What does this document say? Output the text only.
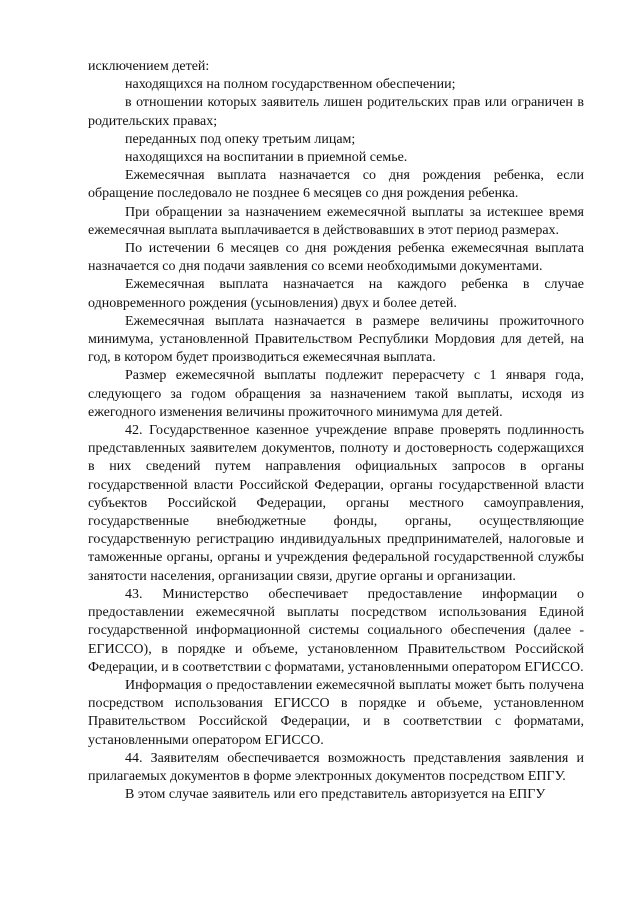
исключением детей:

находящихся на полном государственном обеспечении;

в отношении которых заявитель лишен родительских прав или ограничен в родительских правах;

переданных под опеку третьим лицам;

находящихся на воспитании в приемной семье.

Ежемесячная выплата назначается со дня рождения ребенка, если обращение последовало не позднее 6 месяцев со дня рождения ребенка.

При обращении за назначением ежемесячной выплаты за истекшее время ежемесячная выплата выплачивается в действовавших в этот период размерах.

По истечении 6 месяцев со дня рождения ребенка ежемесячная выплата назначается со дня подачи заявления со всеми необходимыми документами.

Ежемесячная выплата назначается на каждого ребенка в случае одновременного рождения (усыновления) двух и более детей.

Ежемесячная выплата назначается в размере величины прожиточного минимума, установленной Правительством Республики Мордовия для детей, на год, в котором будет производиться ежемесячная выплата.

Размер ежемесячной выплаты подлежит перерасчету с 1 января года, следующего за годом обращения за назначением такой выплаты, исходя из ежегодного изменения величины прожиточного минимума для детей.

42. Государственное казенное учреждение вправе проверять подлинность представленных заявителем документов, полноту и достоверность содержащихся в них сведений путем направления официальных запросов в органы государственной власти Российской Федерации, органы государственной власти субъектов Российской Федерации, органы местного самоуправления, государственные внебюджетные фонды, органы, осуществляющие государственную регистрацию индивидуальных предпринимателей, налоговые и таможенные органы, органы и учреждения федеральной государственной службы занятости населения, организации связи, другие органы и организации.

43. Министерство обеспечивает предоставление информации о предоставлении ежемесячной выплаты посредством использования Единой государственной информационной системы социального обеспечения (далее - ЕГИССО), в порядке и объеме, установленном Правительством Российской Федерации, и в соответствии с форматами, установленными оператором ЕГИССО.

Информация о предоставлении ежемесячной выплаты может быть получена посредством использования ЕГИССО в порядке и объеме, установленном Правительством Российской Федерации, и в соответствии с форматами, установленными оператором ЕГИССО.

44. Заявителям обеспечивается возможность представления заявления и прилагаемых документов в форме электронных документов посредством ЕПГУ.

В этом случае заявитель или его представитель авторизуется на ЕПГУ
